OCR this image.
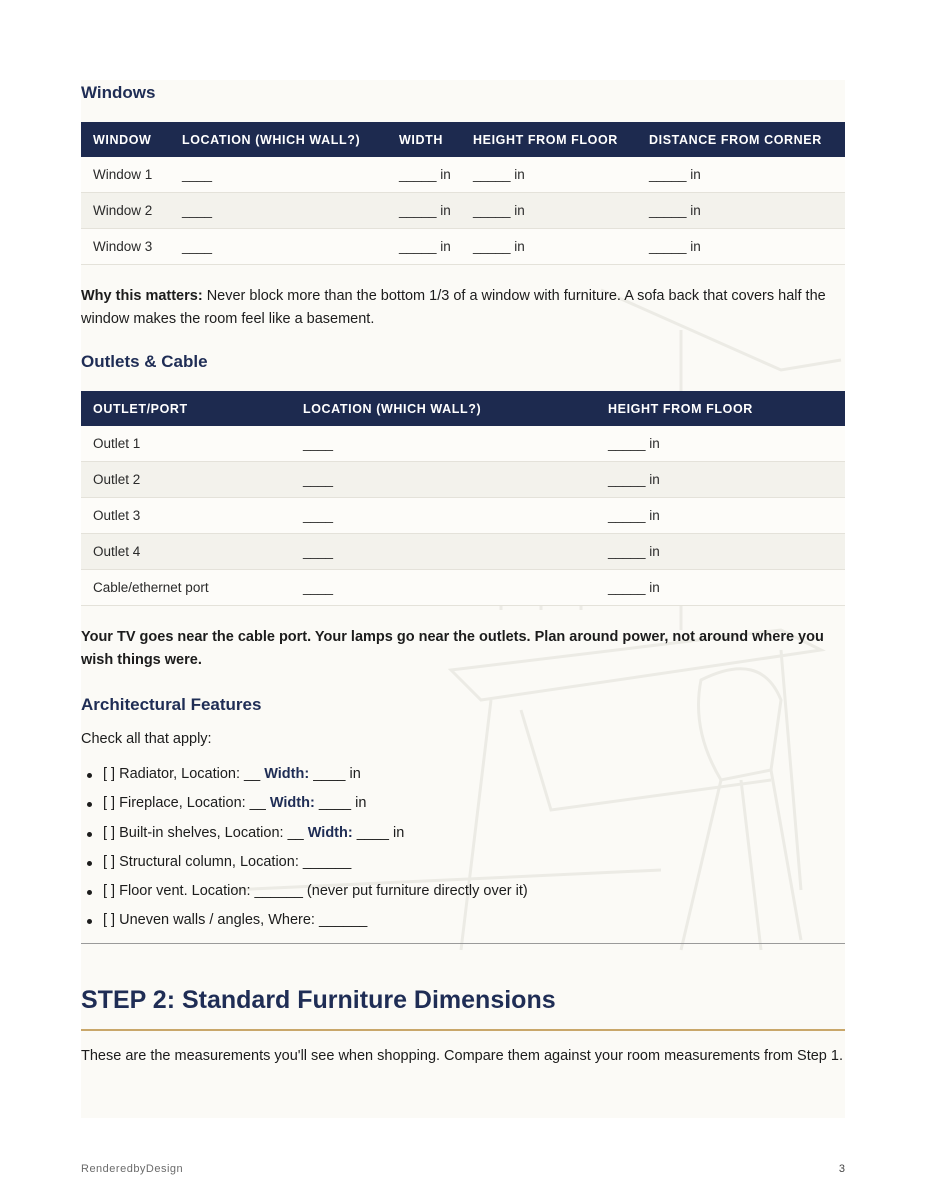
Windows
WINDOW	LOCATION (WHICH WALL?)	WIDTH	HEIGHT FROM FLOOR	DISTANCE FROM CORNER
Window 1	____	_____ in	_____ in	_____ in
Window 2	____	_____ in	_____ in	_____ in
Window 3	____	_____ in	_____ in	_____ in

Why this matters: Never block more than the bottom 1/3 of a window with furniture. A sofa back that covers half the window makes the room feel like a basement.

Outlets & Cable
OUTLET/PORT	LOCATION (WHICH WALL?)	HEIGHT FROM FLOOR
Outlet 1	____	_____ in
Outlet 2	____	_____ in
Outlet 3	____	_____ in
Outlet 4	____	_____ in
Cable/ethernet port	____	_____ in

Your TV goes near the cable port. Your lamps go near the outlets. Plan around power, not around where you wish things were.

Architectural Features

Check all that apply:

[ ] Radiator, Location: __ Width: ____ in
[ ] Fireplace, Location: __ Width: ____ in
[ ] Built-in shelves, Location: __ Width: ____ in
[ ] Structural column, Location: ______
[ ] Floor vent. Location: ______ (never put furniture directly over it)
[ ] Uneven walls / angles, Where: ______
STEP 2: Standard Furniture Dimensions

These are the measurements you'll see when shopping. Compare them against your room measurements from Step 1.

RenderedbyDesign	3
